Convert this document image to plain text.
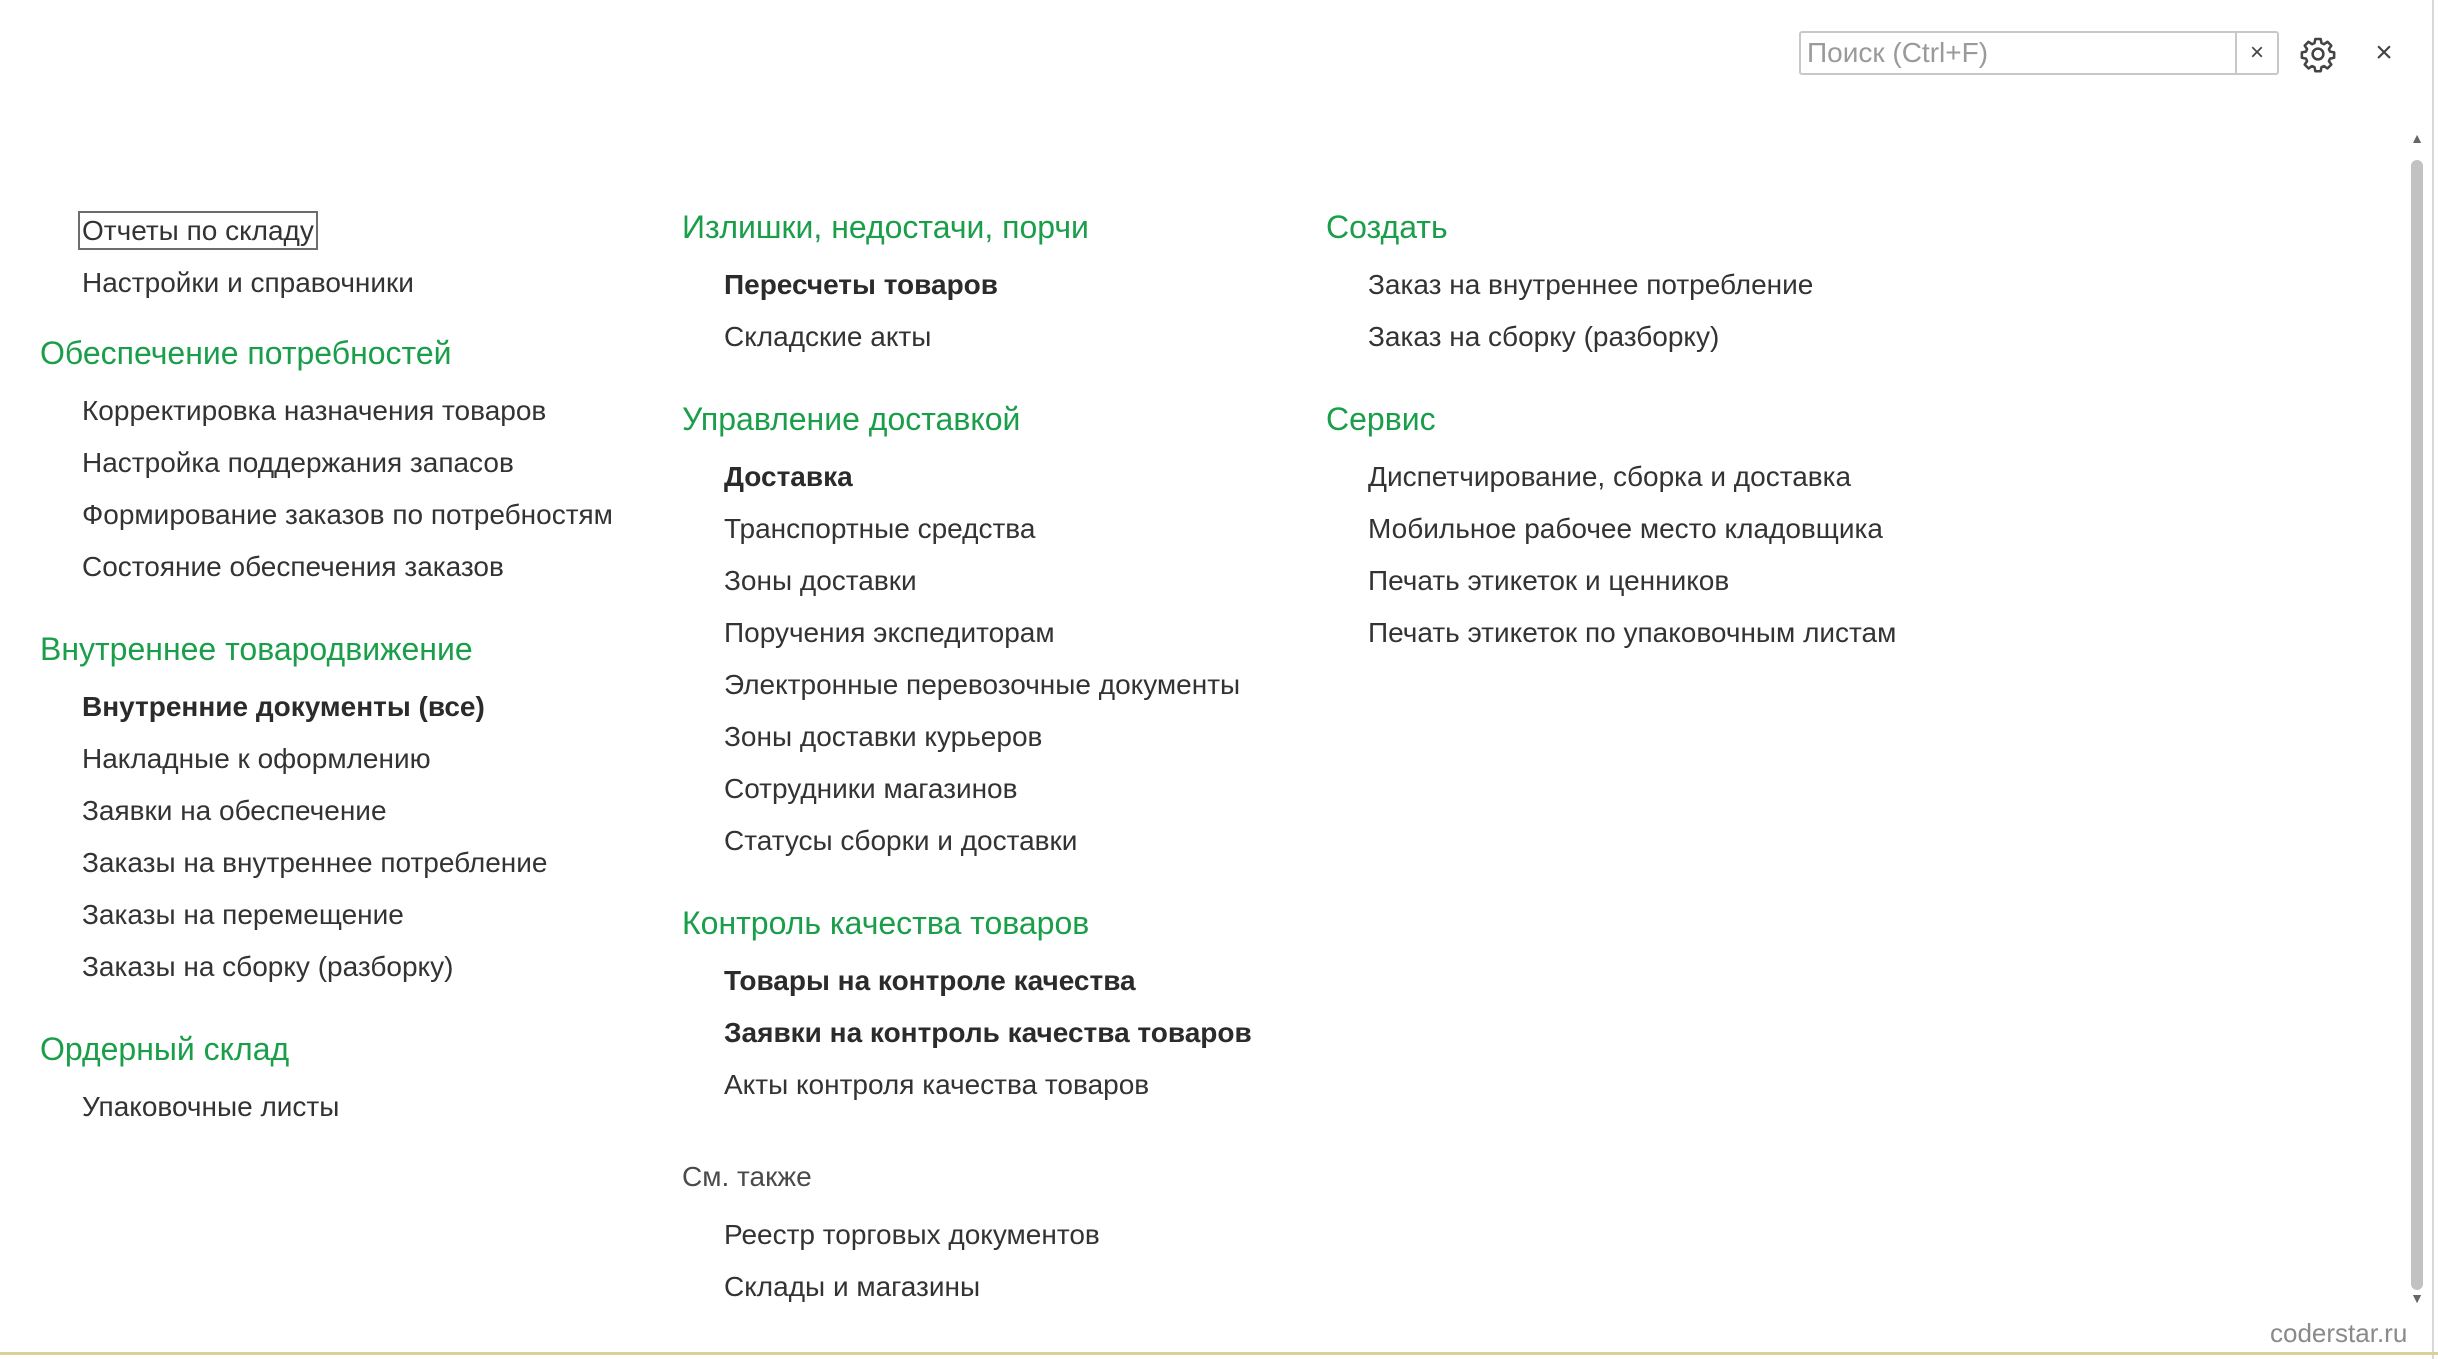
Поиск (Ctrl+F)
×	×
Отчеты по складу
Настройки и справочники
Обеспечение потребностей
Корректировка назначения товаров
Настройка поддержания запасов
Формирование заказов по потребностям
Состояние обеспечения заказов
Внутреннее товародвижение
Внутренние документы (все)
Накладные к оформлению
Заявки на обеспечение
Заказы на внутреннее потребление
Заказы на перемещение
Заказы на сборку (разборку)
Ордерный склад
Упаковочные листы
Излишки, недостачи, порчи
Пересчеты товаров
Складские акты
Управление доставкой
Доставка
Транспортные средства
Зоны доставки
Поручения экспедиторам
Электронные перевозочные документы
Зоны доставки курьеров
Сотрудники магазинов
Статусы сборки и доставки
Контроль качества товаров
Товары на контроле качества
Заявки на контроль качества товаров
Акты контроля качества товаров
См. также
Реестр торговых документов
Склады и магазины
Создать
Заказ на внутреннее потребление
Заказ на сборку (разборку)
Сервис
Диспетчирование, сборка и доставка
Мобильное рабочее место кладовщика
Печать этикеток и ценников
Печать этикеток по упаковочным листам
▲
▼
coderstar.ru
